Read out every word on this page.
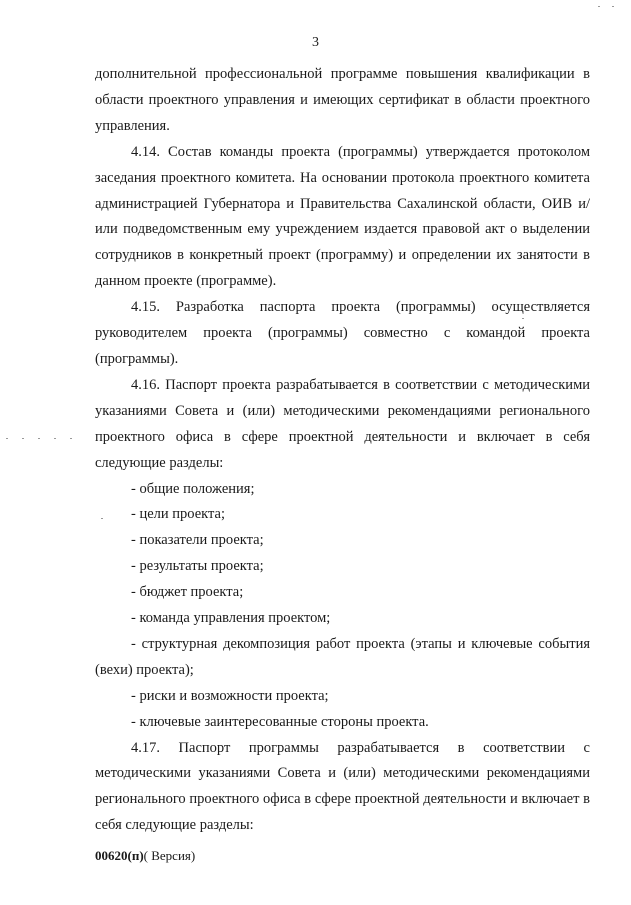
3

дополнительной профессиональной программе повышения квалификации в области проектного управления и имеющих сертификат в области проектного управления.

4.14. Состав команды проекта (программы) утверждается протоколом заседания проектного комитета. На основании протокола проектного комитета администрацией Губернатора и Правительства Сахалинской области, ОИВ и/или подведомственным ему учреждением издается правовой акт о выделении сотрудников в конкретный проект (программу) и определении их занятости в данном проекте (программе).

4.15. Разработка паспорта проекта (программы) осуществляется руководителем проекта (программы) совместно с командой проекта (программы).

4.16. Паспорт проекта разрабатывается в соответствии с методическими указаниями Совета и (или) методическими рекомендациями регионального проектного офиса в сфере проектной деятельности и включает в себя следующие разделы:

- общие положения;

- цели проекта;

- показатели проекта;

- результаты проекта;

- бюджет проекта;

- команда управления проектом;

- структурная декомпозиция работ проекта (этапы и ключевые события (вехи) проекта);

- риски и возможности проекта;

- ключевые заинтересованные стороны проекта.

4.17. Паспорт программы разрабатывается в соответствии с методическими указаниями Совета и (или) методическими рекомендациями регионального проектного офиса в сфере проектной деятельности и включает в себя следующие разделы:

00620(п)( Версия)
